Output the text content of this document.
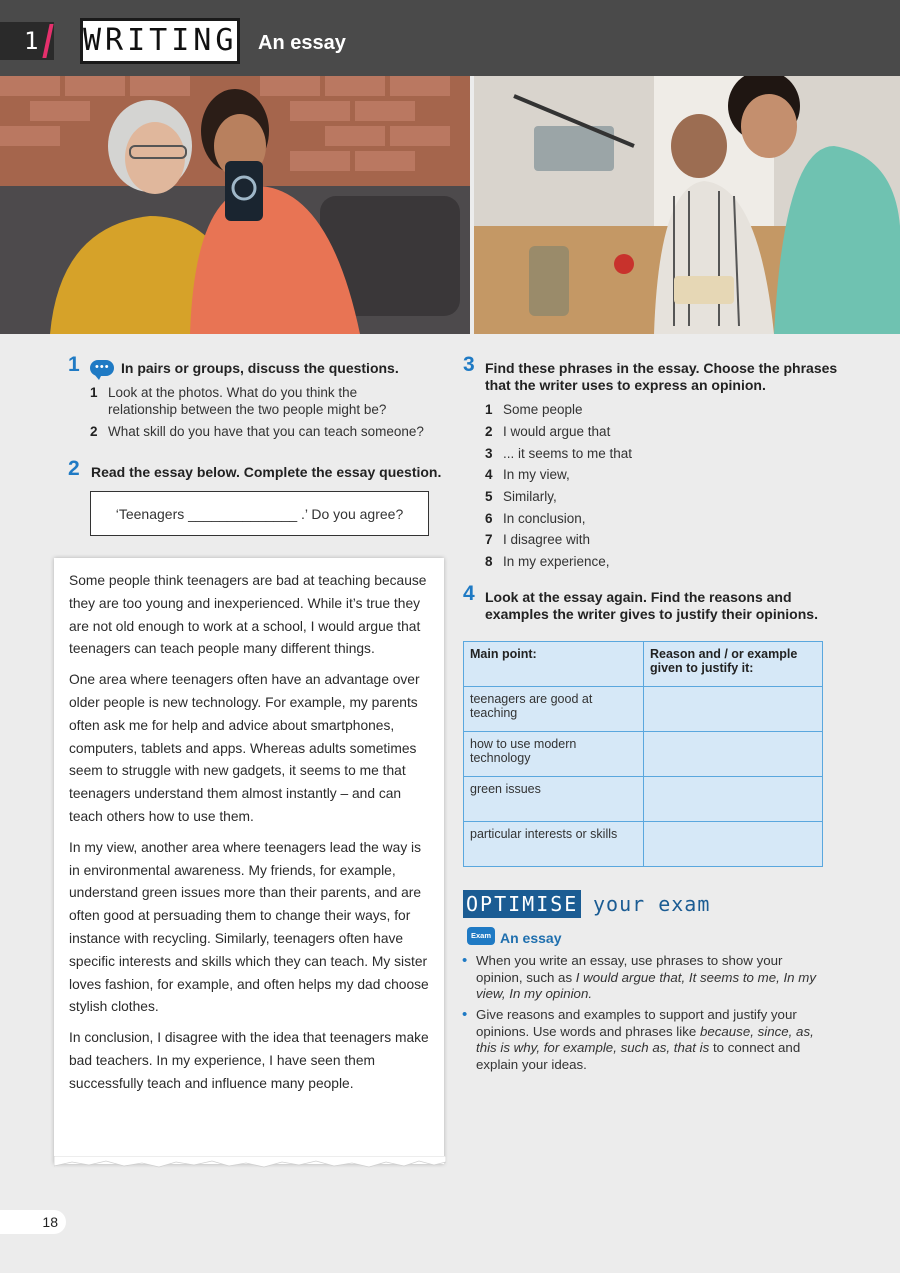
1	WRITING An essay
1 ••• In pairs or groups, discuss the questions.
1 Look at the photos. What do you think the
relationship between the two people might be?
2 What skill do you have that you can teach someone?
2 Read the essay below. Complete the essay question.
‘Teenagers ______________ .’ Do you agree?

Some people think teenagers are bad at teaching because they are too young and inexperienced. While it’s true they are not old enough to work at a school, I would argue that teenagers can teach people many different things.

One area where teenagers often have an advantage over older people is new technology. For example, my parents often ask me for help and advice about smartphones, computers, tablets and apps. Whereas adults sometimes seem to struggle with new gadgets, it seems to me that teenagers understand them almost instantly – and can teach others how to use them.

In my view, another area where teenagers lead the way is in environmental awareness. My friends, for example, understand green issues more than their parents, and are often good at persuading them to change their ways, for instance with recycling. Similarly, teenagers often have specific interests and skills which they can teach. My sister loves fashion, for example, and often helps my dad choose stylish clothes.

In conclusion, I disagree with the idea that teenagers make bad teachers. In my experience, I have seen them successfully teach and influence many people.

3 Find these phrases in the essay. Choose the phrases
that the writer uses to express an opinion.
1 Some people
2 I would argue that
3 ... it seems to me that
4 In my view,
5 Similarly,
6 In conclusion,
7 I disagree with
8 In my experience,
4 Look at the essay again. Find the reasons and
examples the writer gives to justify their opinions.
Main point:	Reason and / or example given to justify it:
teenagers are good at teaching	
how to use modern technology	
green issues	
particular interests or skills	
OPTIMISE your exam
Exam An essay
• When you write an essay, use phrases to show your opinion, such as I would argue that, It seems to me, In my view, In my opinion.
• Give reasons and examples to support and justify your opinions. Use words and phrases like because, since, as, this is why, for example, such as, that is to connect and explain your ideas.
18
